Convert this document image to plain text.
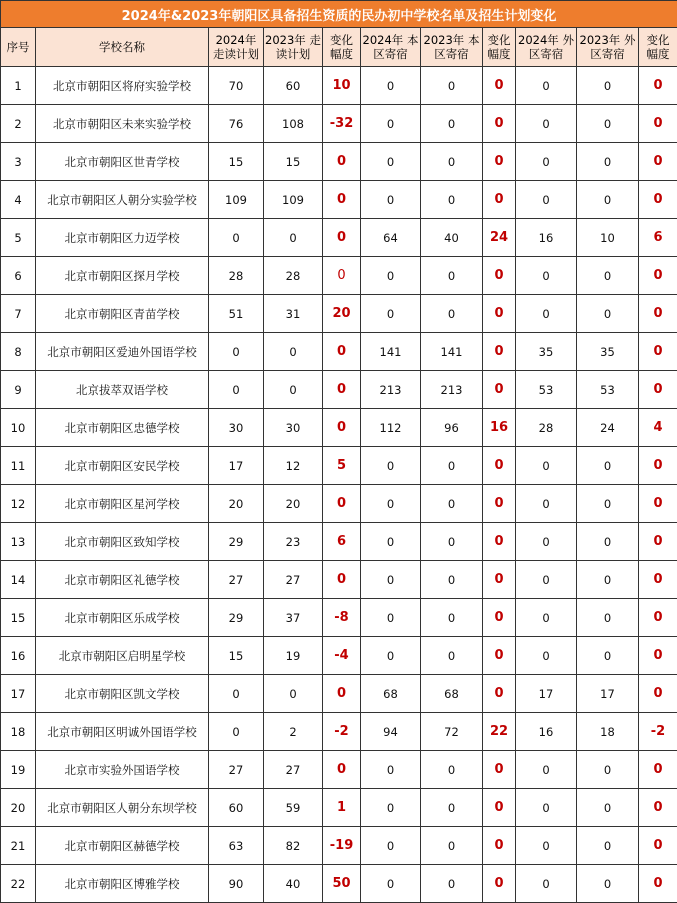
2024年&2023年朝阳区具备招生资质的民办初中学校名单及招生计划变化										
序号	学校名称	2024年 走读计划	2023年 走读计划	变化 幅度	2024年 本区寄宿	2023年 本区寄宿	变化 幅度	2024年 外区寄宿	2023年 外区寄宿	变化 幅度
1	北京市朝阳区将府实验学校	70	60	10	0	0	0	0	0	0
2	北京市朝阳区未来实验学校	76	108	-32	0	0	0	0	0	0
3	北京市朝阳区世青学校	15	15	0	0	0	0	0	0	0
4	北京市朝阳区人朝分实验学校	109	109	0	0	0	0	0	0	0
5	北京市朝阳区力迈学校	0	0	0	64	40	24	16	10	6
6	北京市朝阳区探月学校	28	28	0	0	0	0	0	0	0
7	北京市朝阳区青苗学校	51	31	20	0	0	0	0	0	0
8	北京市朝阳区爱迪外国语学校	0	0	0	141	141	0	35	35	0
9	北京拔萃双语学校	0	0	0	213	213	0	53	53	0
10	北京市朝阳区忠德学校	30	30	0	112	96	16	28	24	4
11	北京市朝阳区安民学校	17	12	5	0	0	0	0	0	0
12	北京市朝阳区星河学校	20	20	0	0	0	0	0	0	0
13	北京市朝阳区致知学校	29	23	6	0	0	0	0	0	0
14	北京市朝阳区礼德学校	27	27	0	0	0	0	0	0	0
15	北京市朝阳区乐成学校	29	37	-8	0	0	0	0	0	0
16	北京市朝阳区启明星学校	15	19	-4	0	0	0	0	0	0
17	北京市朝阳区凯文学校	0	0	0	68	68	0	17	17	0
18	北京市朝阳区明诚外国语学校	0	2	-2	94	72	22	16	18	-2
19	北京市实验外国语学校	27	27	0	0	0	0	0	0	0
20	北京市朝阳区人朝分东坝学校	60	59	1	0	0	0	0	0	0
21	北京市朝阳区赫德学校	63	82	-19	0	0	0	0	0	0
22	北京市朝阳区博雅学校	90	40	50	0	0	0	0	0	0
